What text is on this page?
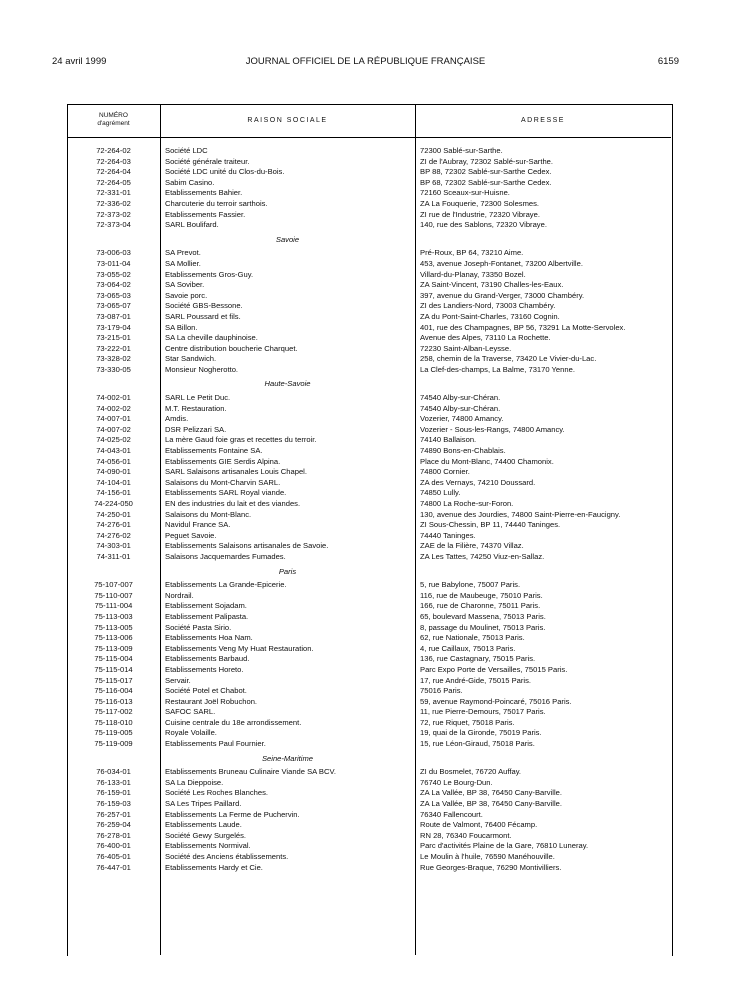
24 avril 1999	JOURNAL OFFICIEL DE LA RÉPUBLIQUE FRANÇAISE	6159
NUMÉRO
d'agrément	RAISON SOCIALE	ADRESSE
72-264-02	Société LDC	72300 Sablé-sur-Sarthe.
72-264-03	Société générale traiteur.	ZI de l'Aubray, 72302 Sablé-sur-Sarthe.
72-264-04	Société LDC unité du Clos-du-Bois.	BP 88, 72302 Sablé-sur-Sarthe Cedex.
72-264-05	Sabim Casino.	BP 68, 72302 Sablé-sur-Sarthe Cedex.
72-331-01	Etablissements Bahier.	72160 Sceaux-sur-Huisne.
72-336-02	Charcuterie du terroir sarthois.	ZA La Fouquerie, 72300 Solesmes.
72-373-02	Etablissements Fassier.	ZI rue de l'Industrie, 72320 Vibraye.
72-373-04	SARL Boulifard.	140, rue des Sablons, 72320 Vibraye.
Savoie
73-006-03	SA Prevot.	Pré-Roux, BP 64, 73210 Aime.
73-011-04	SA Mollier.	453, avenue Joseph-Fontanet, 73200 Albertville.
73-055-02	Etablissements Gros-Guy.	Villard-du-Planay, 73350 Bozel.
73-064-02	SA Soviber.	ZA Saint-Vincent, 73190 Challes-les-Eaux.
73-065-03	Savoie porc.	397, avenue du Grand-Verger, 73000 Chambéry.
73-065-07	Société GBS-Bessone.	ZI des Landiers-Nord, 73003 Chambéry.
73-087-01	SARL Poussard et fils.	ZA du Pont-Saint-Charles, 73160 Cognin.
73-179-04	SA Billon.	401, rue des Champagnes, BP 56, 73291 La Motte-Servolex.
73-215-01	SA La cheville dauphinoise.	Avenue des Alpes, 73110 La Rochette.
73-222-01	Centre distribution boucherie Charquet.	72230 Saint-Alban-Leysse.
73-328-02	Star Sandwich.	258, chemin de la Traverse, 73420 Le Vivier-du-Lac.
73-330-05	Monsieur Nogherotto.	La Clef-des-champs, La Balme, 73170 Yenne.
Haute-Savoie
74-002-01	SARL Le Petit Duc.	74540 Alby-sur-Chéran.
74-002-02	M.T. Restauration.	74540 Alby-sur-Chéran.
74-007-01	Amdis.	Vozerier, 74800 Amancy.
74-007-02	DSR Pelizzari SA.	Vozerier - Sous-les-Rangs, 74800 Amancy.
74-025-02	La mère Gaud foie gras et recettes du terroir.	74140 Ballaison.
74-043-01	Etablissements Fontaine SA.	74890 Bons-en-Chablais.
74-056-01	Etablissements GIE Serdis Alpina.	Place du Mont-Blanc, 74400 Chamonix.
74-090-01	SARL Salaisons artisanales Louis Chapel.	74800 Cornier.
74-104-01	Salaisons du Mont-Charvin SARL.	ZA des Vernays, 74210 Doussard.
74-156-01	Etablissements SARL Royal viande.	74850 Lully.
74-224-050	EN des industries du lait et des viandes.	74800 La Roche-sur-Foron.
74-250-01	Salaisons du Mont-Blanc.	130, avenue des Jourdies, 74800 Saint-Pierre-en-Faucigny.
74-276-01	Navidul France SA.	ZI Sous-Chessin, BP 11, 74440 Taninges.
74-276-02	Peguet Savoie.	74440 Taninges.
74-303-01	Etablissements Salaisons artisanales de Savoie.	ZAE de la Filière, 74370 Villaz.
74-311-01	Salaisons Jacquemardes Fumades.	ZA Les Tattes, 74250 Viuz-en-Sallaz.
Paris
75-107-007	Etablissements La Grande-Epicerie.	5, rue Babylone, 75007 Paris.
75-110-007	Nordrail.	116, rue de Maubeuge, 75010 Paris.
75-111-004	Etablissement Sojadam.	166, rue de Charonne, 75011 Paris.
75-113-003	Etablissement Palipasta.	65, boulevard Massena, 75013 Paris.
75-113-005	Société Pasta Sirio.	8, passage du Moulinet, 75013 Paris.
75-113-006	Etablissements Hoa Nam.	62, rue Nationale, 75013 Paris.
75-113-009	Etablissements Veng My Huat Restauration.	4, rue Caillaux, 75013 Paris.
75-115-004	Etablissements Barbaud.	136, rue Castagnary, 75015 Paris.
75-115-014	Etablissements Horeto.	Parc Expo Porte de Versailles, 75015 Paris.
75-115-017	Servair.	17, rue André-Gide, 75015 Paris.
75-116-004	Société Potel et Chabot.	75016 Paris.
75-116-013	Restaurant Joël Robuchon.	59, avenue Raymond-Poincaré, 75016 Paris.
75-117-002	SAFOC SARL.	11, rue Pierre-Demours, 75017 Paris.
75-118-010	Cuisine centrale du 18e arrondissement.	72, rue Riquet, 75018 Paris.
75-119-005	Royale Volaille.	19, quai de la Gironde, 75019 Paris.
75-119-009	Etablissements Paul Fournier.	15, rue Léon-Giraud, 75018 Paris.
Seine-Maritime
76-034-01	Etablissements Bruneau Culinaire Viande SA BCV.	ZI du Bosmelet, 76720 Auffay.
76-133-01	SA La Dieppoise.	76740 Le Bourg-Dun.
76-159-01	Société Les Roches Blanches.	ZA La Vallée, BP 38, 76450 Cany-Barville.
76-159-03	SA Les Tripes Paillard.	ZA La Vallée, BP 38, 76450 Cany-Barville.
76-257-01	Etablissements La Ferme de Puchervin.	76340 Fallencourt.
76-259-04	Etablissements Laude.	Route de Valmont, 76400 Fécamp.
76-278-01	Société Gewy Surgelés.	RN 28, 76340 Foucarmont.
76-400-01	Etablissements Normival.	Parc d'activités Plaine de la Gare, 76810 Luneray.
76-405-01	Société des Anciens établissements.	Le Moulin à l'huile, 76590 Manéhouville.
76-447-01	Etablissements Hardy et Cie.	Rue Georges-Braque, 76290 Montivilliers.
